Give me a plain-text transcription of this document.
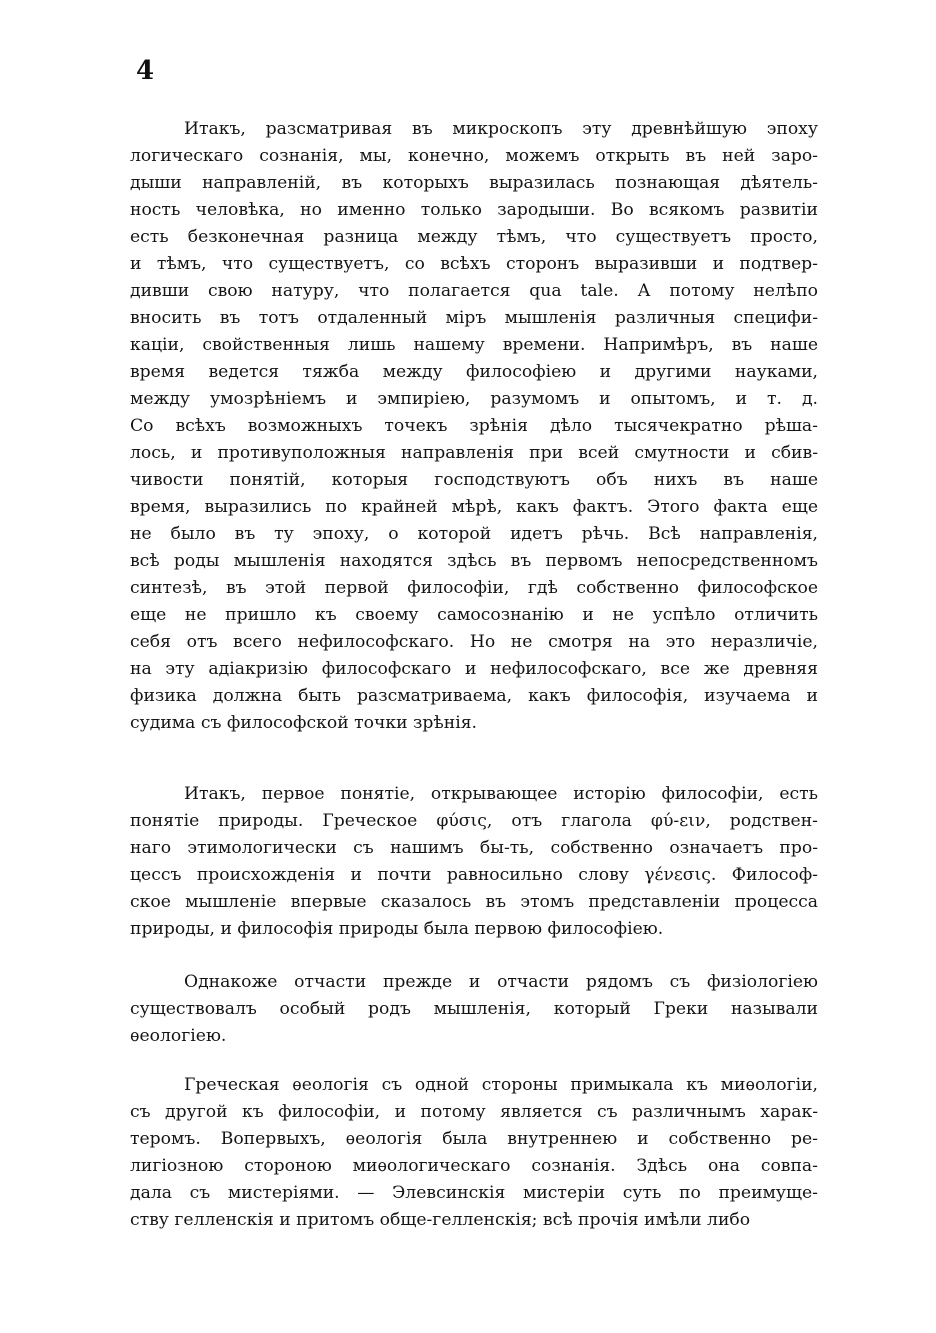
4
Итакъ, разсматривая въ микроскопъ эту древнѣйшую эпоху
логическаго сознанія, мы, конечно, можемъ открыть въ ней заро-
дыши направленій, въ которыхъ выразилась познающая дѣятель-
ность человѣка, но именно только зародыши. Во всякомъ развитіи
есть безконечная разница между тѣмъ, что существуетъ просто,
и тѣмъ, что существуетъ, со всѣхъ сторонъ выразивши и подтвер-
дивши свою натуру, что полагается qua tale. А потому нелѣпо
вносить въ тотъ отдаленный міръ мышленія различныя специфи-
каціи, свойственныя лишь нашему времени. Напримѣръ, въ наше
время ведется тяжба между философіею и другими науками,
между умозрѣніемъ и эмпиріею, разумомъ и опытомъ, и т. д.
Со всѣхъ возможныхъ точекъ зрѣнія дѣло тысячекратно рѣша-
лось, и противуположныя направленія при всей смутности и сбив-
чивости понятій, которыя господствуютъ объ нихъ въ наше
время, выразились по крайней мѣрѣ, какъ фактъ. Этого факта еще
не было въ ту эпоху, о которой идетъ рѣчь. Всѣ направленія,
всѣ роды мышленія находятся здѣсь въ первомъ непосредственномъ
синтезѣ, въ этой первой философіи, гдѣ собственно философское
еще не пришло къ своему самосознанію и не успѣло отличить
себя отъ всего нефилософскаго. Но не смотря на это неразличіе,
на эту адіакризію философскаго и нефилософскаго, все же древняя
физика должна быть разсматриваема, какъ философія, изучаема и
судима съ философской точки зрѣнія.
Итакъ, первое понятіе, открывающее исторію философіи, есть
понятіе природы. Греческое φύσις, отъ глагола φύ-ειν, родствен-
наго этимологически съ нашимъ бы-ть, собственно означаетъ про-
цессъ происхожденія и почти равносильно слову γένεσις. Философ-
ское мышленіе впервые сказалось въ этомъ представленіи процесса
природы, и философія природы была первою философіею.
Однакоже отчасти прежде и отчасти рядомъ съ физіологіею
существовалъ особый родъ мышленія, который Греки называли
ѳеологіею.
Греческая ѳеологія съ одной стороны примыкала къ миѳологіи,
съ другой къ философіи, и потому является съ различнымъ харак-
теромъ. Вопервыхъ, ѳеологія была внутреннею и собственно ре-
лигіозною стороною миѳологическаго сознанія. Здѣсь она совпа-
дала съ мистеріями. — Элевсинскія мистеріи суть по преимуще-
ству гелленскія и притомъ обще-гелленскія; всѣ прочія имѣли либо
